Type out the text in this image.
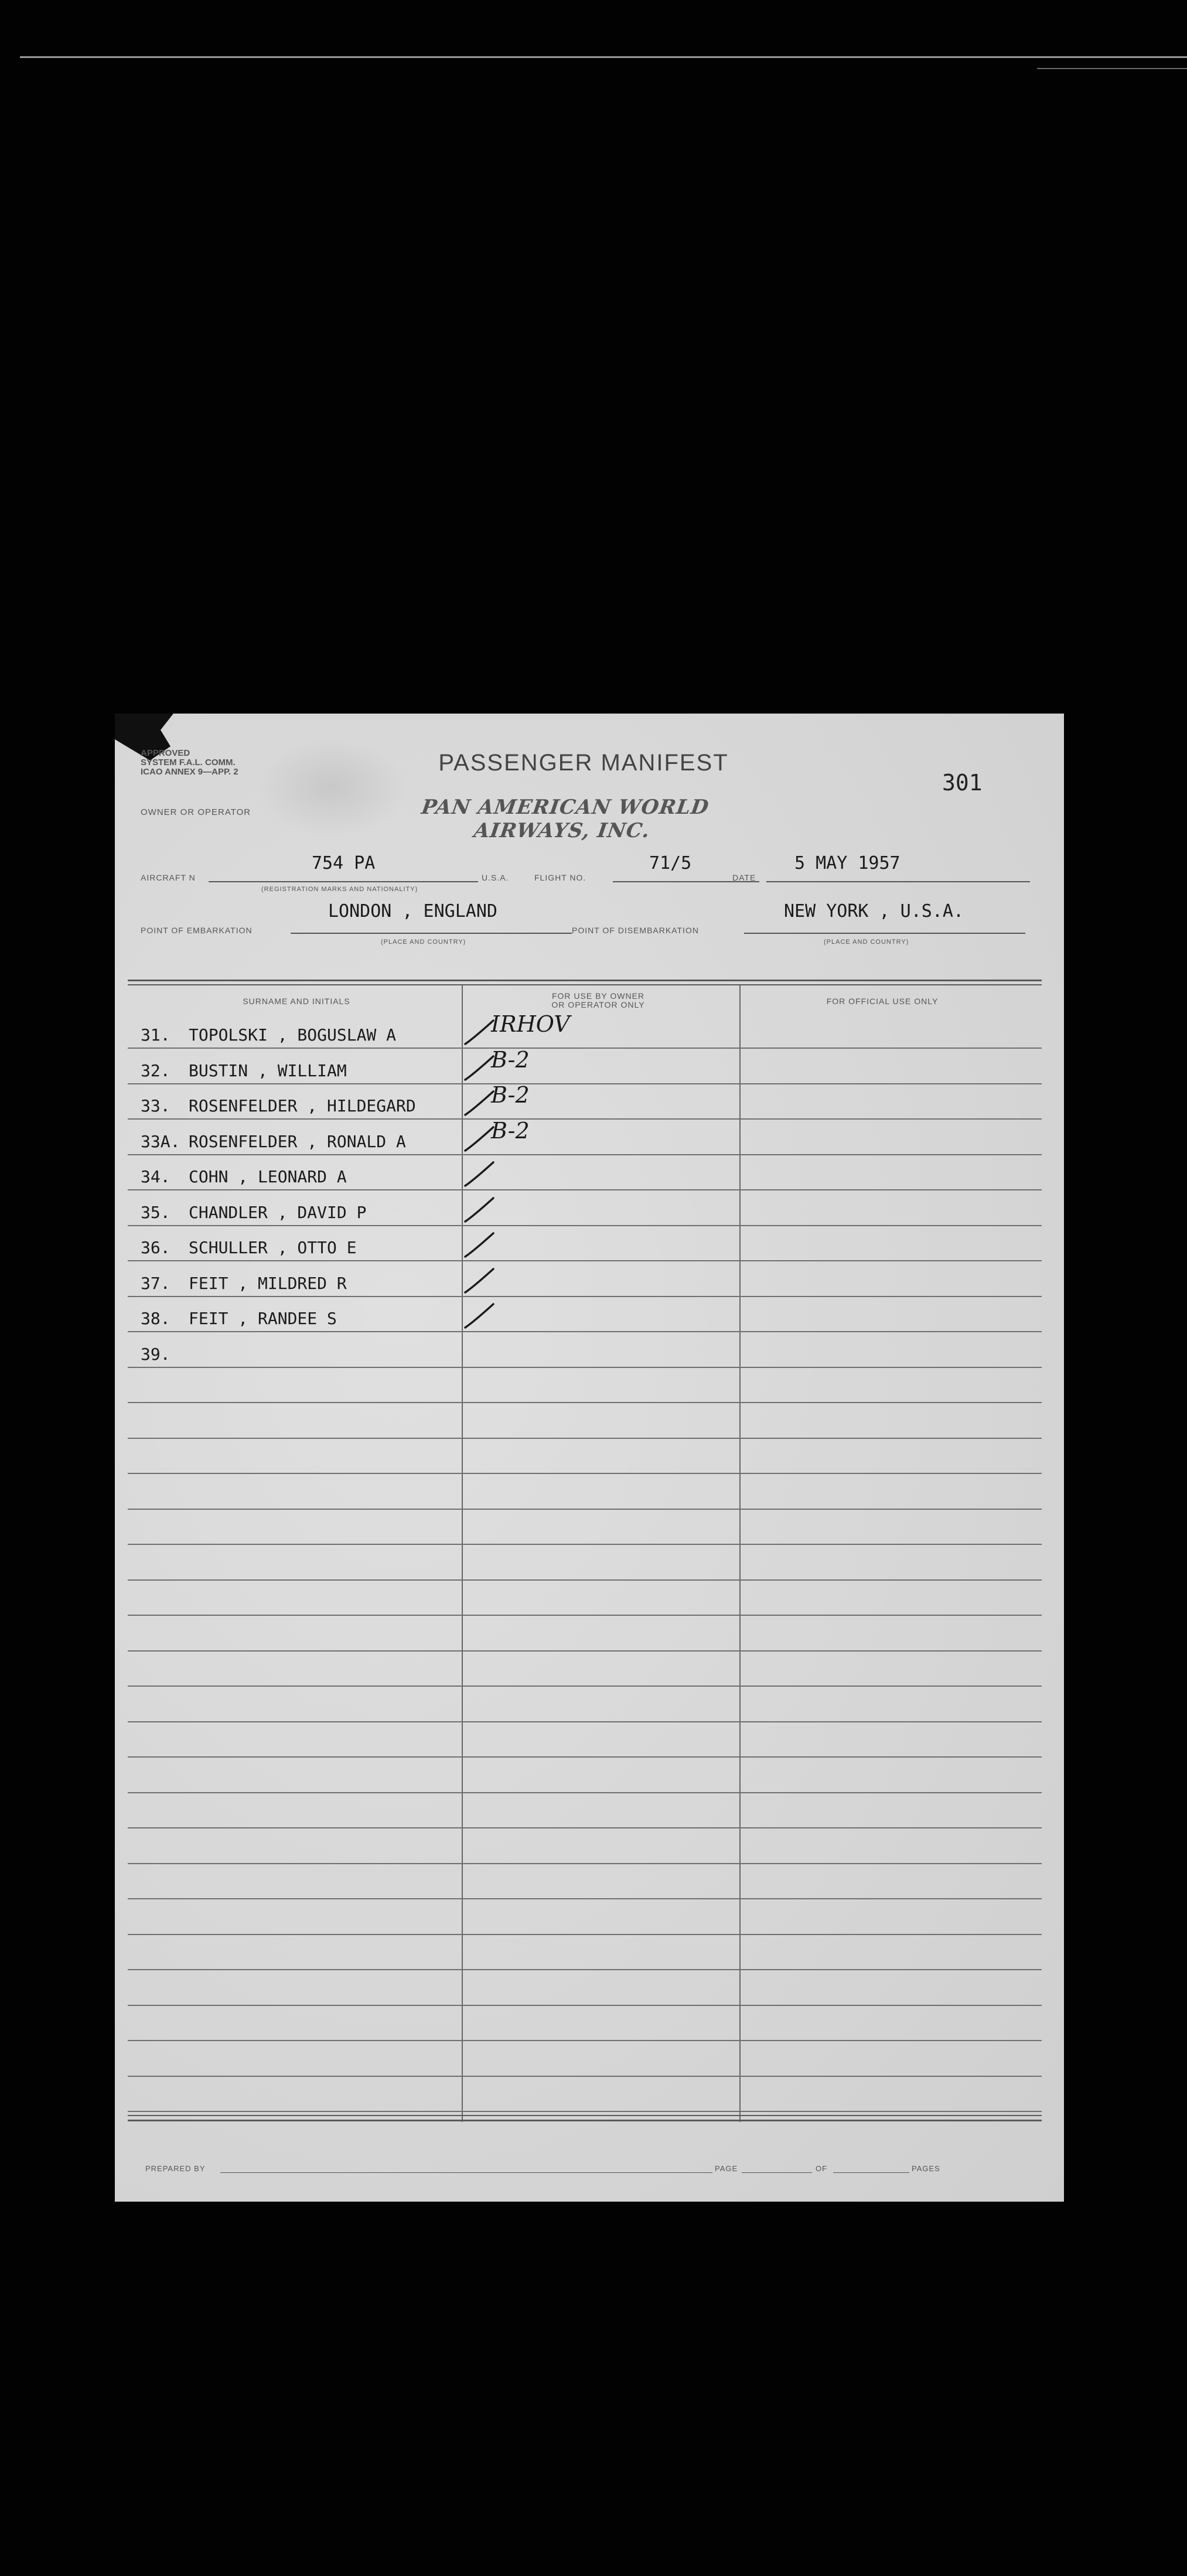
APPROVED
SYSTEM F.A.L. COMM.
ICAO ANNEX 9—APP. 2	PASSENGER MANIFEST
301
OWNER OR OPERATOR	PAN AMERICAN WORLD AIRWAYS, INC.
AIRCRAFT N
754 PA
U.S.A.	FLIGHT NO.
71/5
DATE
5 MAY 1957
(REGISTRATION MARKS AND NATIONALITY)
LONDON , ENGLAND
POINT OF EMBARKATION	POINT OF DISEMBARKATION
NEW YORK , U.S.A.
(PLACE AND COUNTRY)	(PLACE AND COUNTRY)
SURNAME AND INITIALS
FOR USE BY OWNER
OR OPERATOR ONLY	FOR OFFICIAL USE ONLY
31. TOPOLSKI , BOGUSLAW A	IRHOV
32. BUSTIN , WILLIAM	B-2
33. ROSENFELDER , HILDEGARD	B-2
33A. ROSENFELDER , RONALD A	B-2
34. COHN , LEONARD A
35. CHANDLER , DAVID P
36. SCHULLER , OTTO E
37. FEIT , MILDRED R
38. FEIT , RANDEE S
39.
PREPARED BY	PAGE	OF	PAGES
